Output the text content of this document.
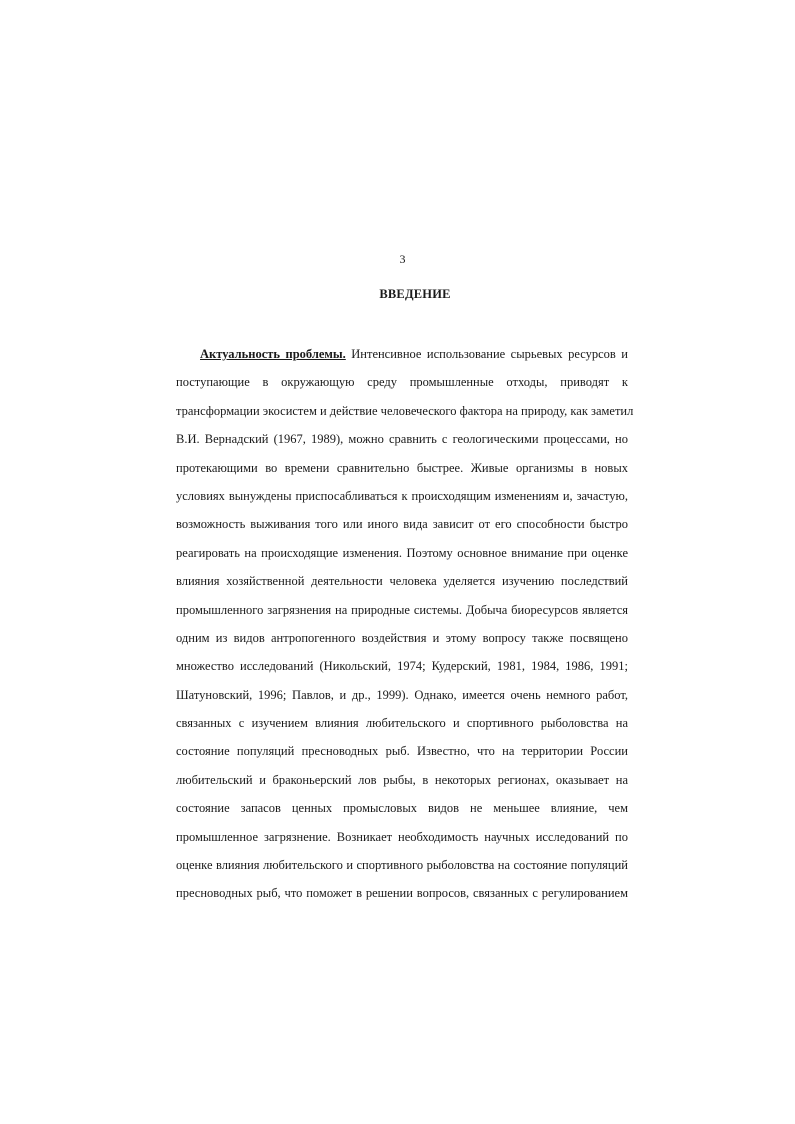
3
ВВЕДЕНИЕ
Актуальность проблемы. Интенсивное использование сырьевых ресурсов и
поступающие в окружающую среду промышленные отходы, приводят к
трансформации экосистем и действие человеческого фактора на природу, как заметил
В.И. Вернадский (1967, 1989), можно сравнить с геологическими процессами, но
протекающими во времени сравнительно быстрее. Живые организмы в новых
условиях вынуждены приспосабливаться к происходящим изменениям и, зачастую,
возможность выживания того или иного вида зависит от его способности быстро
реагировать на происходящие изменения. Поэтому основное внимание при оценке
влияния хозяйственной деятельности человека уделяется изучению последствий
промышленного загрязнения на природные системы. Добыча биоресурсов является
одним из видов антропогенного воздействия и этому вопросу также посвящено
множество исследований (Никольский, 1974; Кудерский, 1981, 1984, 1986, 1991;
Шатуновский, 1996; Павлов, и др., 1999). Однако, имеется очень немного работ,
связанных с изучением влияния любительского и спортивного рыболовства на
состояние популяций пресноводных рыб. Известно, что на территории России
любительский и браконьерский лов рыбы, в некоторых регионах, оказывает на
состояние запасов ценных промысловых видов не меньшее влияние, чем
промышленное загрязнение. Возникает необходимость научных исследований по
оценке влияния любительского и спортивного рыболовства на состояние популяций
пресноводных рыб, что поможет в решении вопросов, связанных с регулированием
